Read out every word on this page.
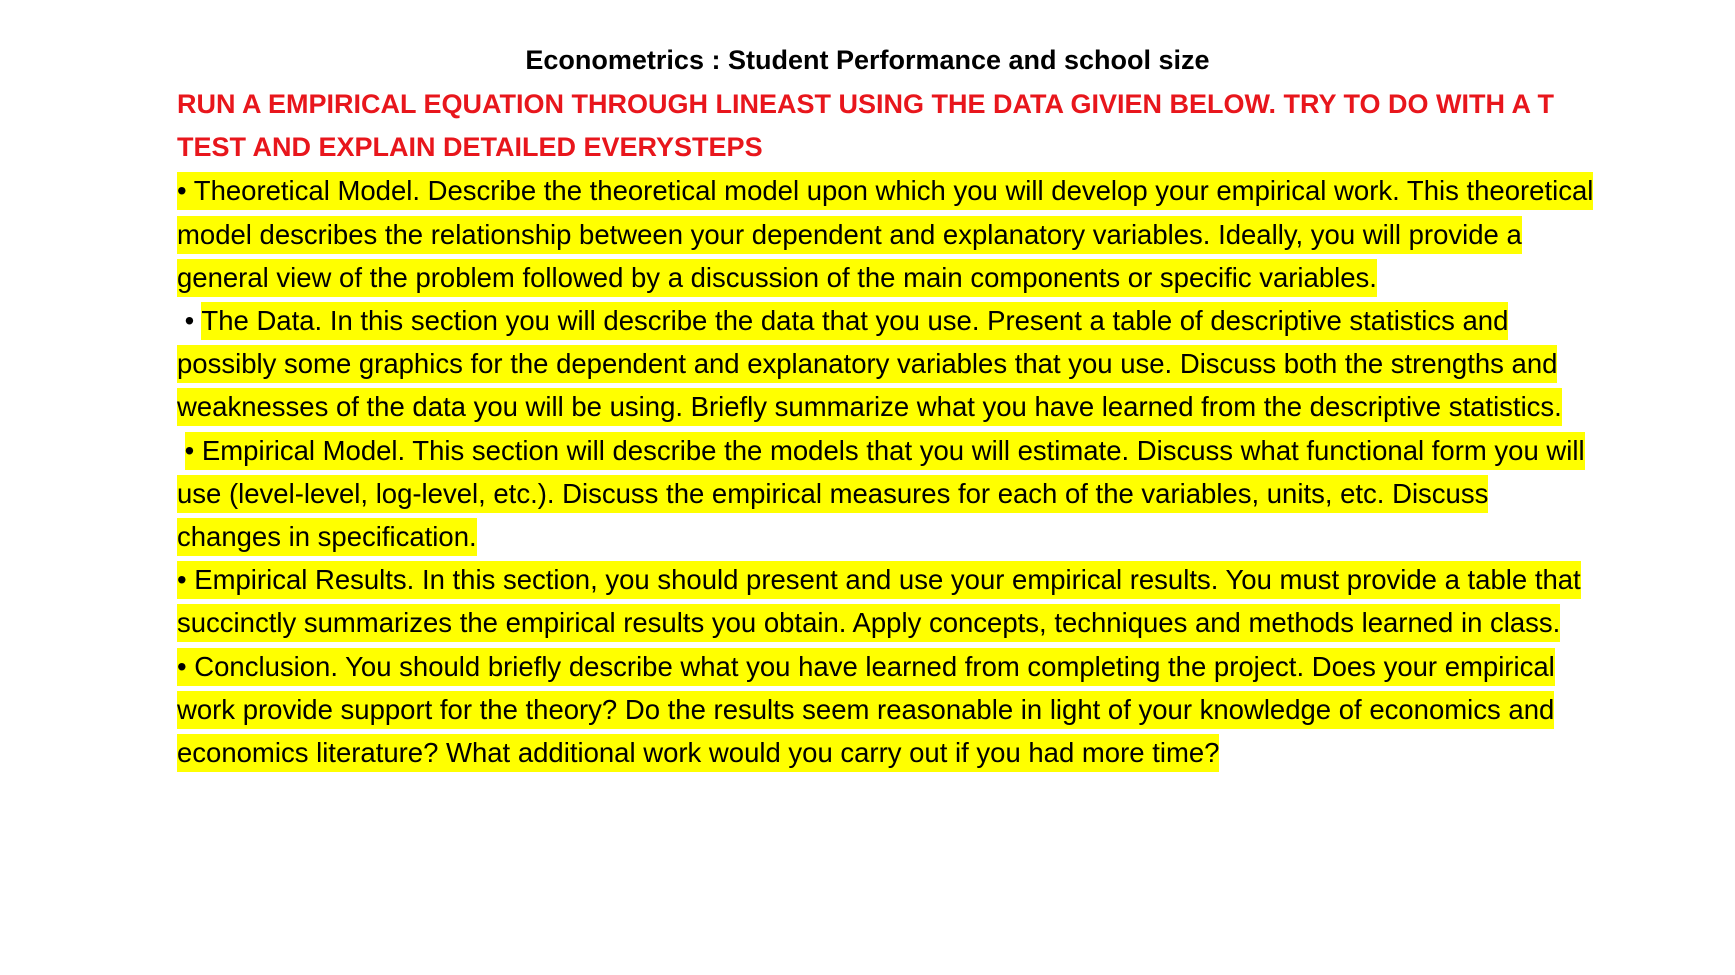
Econometrics : Student Performance and school size

RUN A EMPIRICAL EQUATION THROUGH LINEAST USING THE DATA GIVIEN BELOW. TRY TO DO WITH A T TEST AND EXPLAIN DETAILED EVERYSTEPS

• Theoretical Model. Describe the theoretical model upon which you will develop your empirical work. This theoretical model describes the relationship between your dependent and explanatory variables. Ideally, you will provide a general view of the problem followed by a discussion of the main components or specific variables.

• The Data. In this section you will describe the data that you use. Present a table of descriptive statistics and possibly some graphics for the dependent and explanatory variables that you use. Discuss both the strengths and weaknesses of the data you will be using. Briefly summarize what you have learned from the descriptive statistics.

• Empirical Model. This section will describe the models that you will estimate. Discuss what functional form you will use (level-level, log-level, etc.). Discuss the empirical measures for each of the variables, units, etc. Discuss changes in specification.

• Empirical Results. In this section, you should present and use your empirical results. You must provide a table that succinctly summarizes the empirical results you obtain. Apply concepts, techniques and methods learned in class.

• Conclusion. You should briefly describe what you have learned from completing the project. Does your empirical work provide support for the theory? Do the results seem reasonable in light of your knowledge of economics and economics literature? What additional work would you carry out if you had more time?
